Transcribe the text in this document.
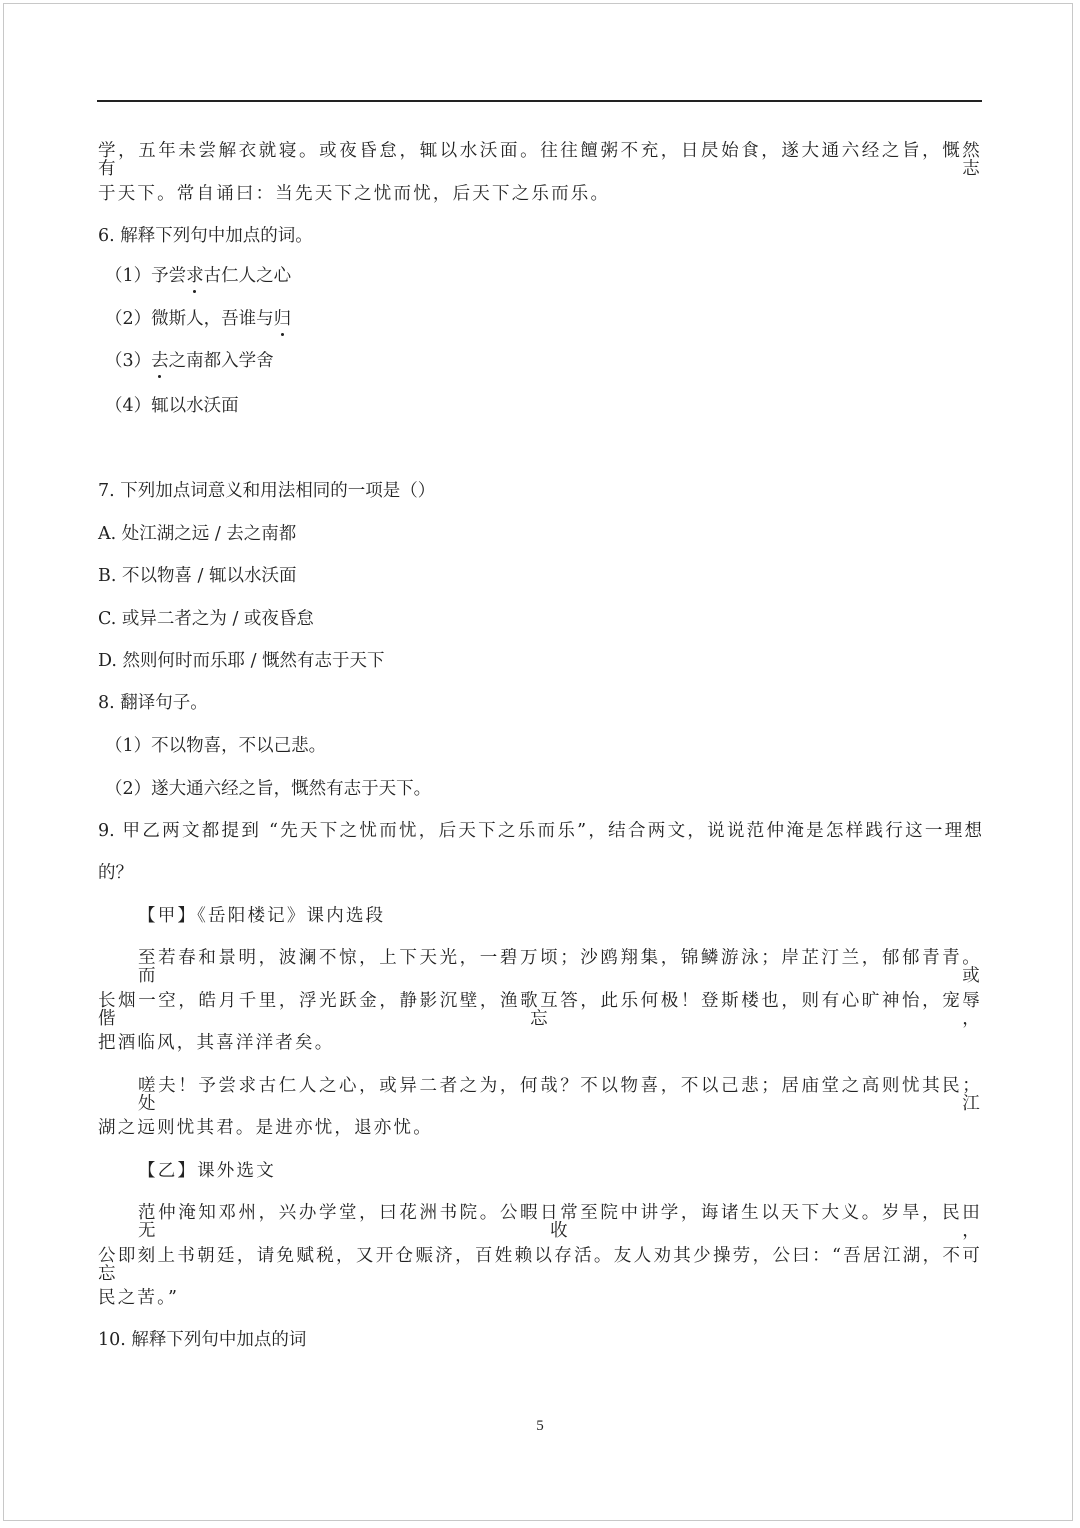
学，五年未尝解衣就寝。或夜昏怠，辄以水沃面。往往饘粥不充，日昃始食，遂大通六经之旨，慨然有志
于天下。常自诵曰：当先天下之忧而忧，后天下之乐而乐。
6. 解释下列句中加点的词。
（1）予尝求古仁人之心
（2）微斯人，吾谁与归
（3）去之南都入学舍
（4）辄以水沃面
7. 下列加点词意义和用法相同的一项是（）
A. 处江湖之远 / 去之南都
B. 不以物喜 / 辄以水沃面
C. 或异二者之为 / 或夜昏怠
D. 然则何时而乐耶 / 慨然有志于天下
8. 翻译句子。
（1）不以物喜，不以己悲。
（2）遂大通六经之旨，慨然有志于天下。
9. 甲乙两文都提到 “先天下之忧而忧，后天下之乐而乐”，结合两文，说说范仲淹是怎样践行这一理想
的？
【甲】《岳阳楼记》课内选段
至若春和景明，波澜不惊，上下天光，一碧万顷；沙鸥翔集，锦鳞游泳；岸芷汀兰，郁郁青青。而或
长烟一空，皓月千里，浮光跃金，静影沉壁，渔歌互答，此乐何极！登斯楼也，则有心旷神怡，宠辱偕忘，
把酒临风，其喜洋洋者矣。
嗟夫！予尝求古仁人之心，或异二者之为，何哉？不以物喜，不以己悲；居庙堂之高则忧其民；处江
湖之远则忧其君。是进亦忧，退亦忧。
【乙】课外选文
范仲淹知邓州，兴办学堂，曰花洲书院。公暇日常至院中讲学，诲诸生以天下大义。岁旱，民田无收，
公即刻上书朝廷，请免赋税，又开仓赈济，百姓赖以存活。友人劝其少操劳，公曰：“吾居江湖，不可忘
民之苦。”
10. 解释下列句中加点的词
5
